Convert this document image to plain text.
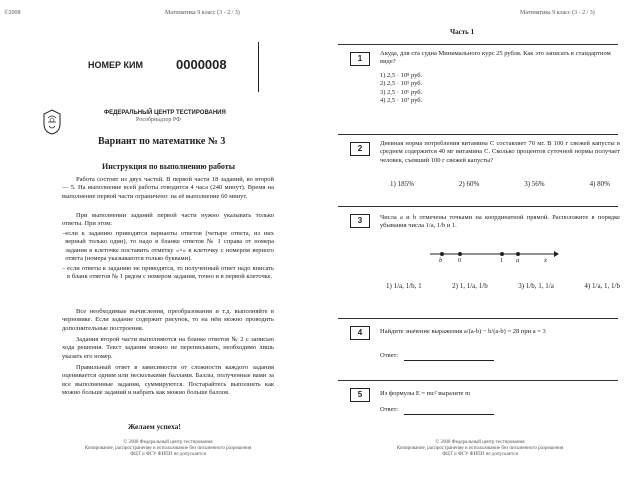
©2008	Математика 9 класс (3 - 2 / 3)
НОМЕР КИМ	0000008
ФЕДЕРАЛЬНЫЙ ЦЕНТР ТЕСТИРОВАНИЯ
Рособрнадзор РФ
Вариант по математике № 3
Инструкция по выполнению работы
Работа состоит из двух частей. В первой части 18 заданий, во второй — 5. На выполнение всей работы отводится 4 часа (240 минут). Время на выполнение первой части ограничено: на её выполнение 60 минут.
При выполнении заданий первой части нужно указывать только ответы. При этом:
– если к заданию приводятся варианты ответов (четыре ответа, из них верный только один), то надо в бланке ответов № 1 справа от номера задания в клеточке поставить отметку «×» в клеточку с номером верного ответа (номера указываются только буквами).
– если ответы к заданию не приводятся, то полученный ответ надо вписать в бланк ответов № 1 рядом с номером задания, точно и в первой клеточке.
Все необходимые вычисления, преобразования и т.д. выполняйте в черновике. Если задание содержит рисунок, то на нём можно проводить дополнительные построения.
Задания второй части выполняются на бланке ответов № 2 с записью хода решения. Текст задания можно не переписывать, необходимо лишь указать его номер.
Правильный ответ в зависимости от сложности каждого задания оценивается одним или несколькими баллами. Баллы, полученные вами за все выполненные задания, суммируются. Постарайтесь выполнить как можно больше заданий и набрать как можно больше баллов.
Желаем успеха!
© 2008 Федеральный центр тестирования
Копирование, распространение и использование без письменного разрешения
ФЦТ и ФГУ ФИПИ не допускается
Математика 9 класс (3 - 2 / 3)
Часть 1
1
Акуда, для ста судна Минимального курс 25 рубля. Как это записать в стандартном виде?
1) 2,5 · 10⁸ руб.
2) 2,5 · 10⁵ руб.
3) 2,5 · 10⁶ руб.
4) 2,5 · 10⁷ руб.
2
Дневная норма потребления витамина С составляет 70 мг. В 100 г свежей капусты в среднем содержится 40 мг витамина С. Сколько процентов суточной нормы получает человек, съевший 100 г свежей капусты?
1) 185%	2) 60%	3) 56%	4) 80%
3	Числа a и b отмечены точками на координатной прямой. Расположите в порядке убывания числа 1/a, 1/b и 1.
b 0	1 a	x
1) 1/a, 1/b, 1	2) 1, 1/a, 1/b	3) 1/b, 1, 1/a	4) 1/a, 1, 1/b
4	Найдите значение выражения a/(a-b) − b/(a-b) = 28 при a = 3
Ответ:
5	Из формулы E = mc² выразите m
Ответ:
© 2008 Федеральный центр тестирования
Копирование, распространение и использование без письменного разрешения
ФЦТ и ФГУ ФИПИ не допускается
